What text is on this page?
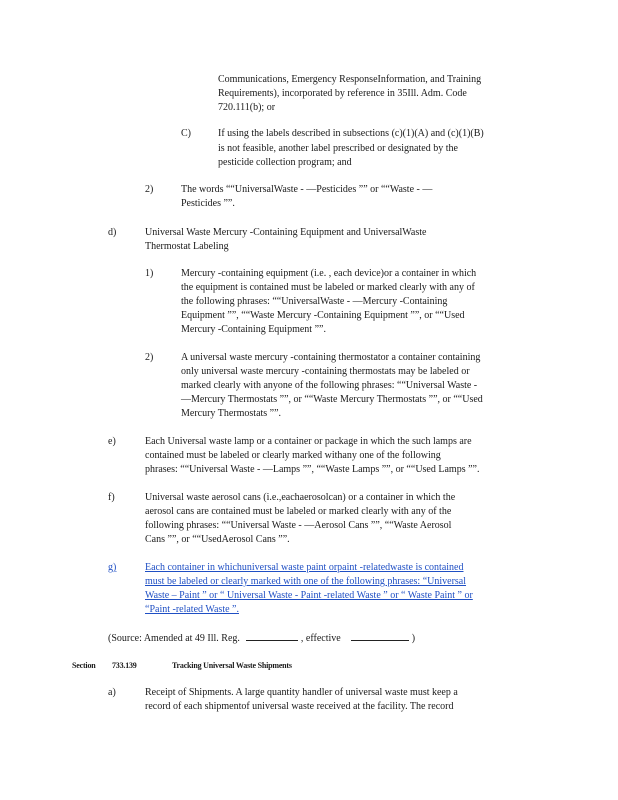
Communications, Emergency ResponseInformation, and Training
Requirements), incorporated by reference in 35Ill. Adm. Code
720.111(b); or
C)	If using the labels described in subsections (c)(1)(A) and (c)(1)(B)
is not feasible, another label prescribed or designated by the
pesticide collection program; and
2)	The words ““UniversalWaste - —Pesticides ”” or ““Waste - —
Pesticides ””.
d)	Universal Waste Mercury -Containing Equipment and UniversalWaste
Thermostat Labeling
1)	Mercury -containing equipment (i.e. , each device)or a container in which
the equipment is contained must be labeled or marked clearly with any of
the following phrases: ““UniversalWaste - —Mercury -Containing
Equipment ””, ““Waste Mercury -Containing Equipment ””, or ““Used
Mercury -Containing Equipment ””.
2)	A universal waste mercury -containing thermostator a container containing
only universal waste mercury -containing thermostats may be labeled or
marked clearly with anyone of the following phrases: ““Universal Waste -
—Mercury Thermostats ””, or ““Waste Mercury Thermostats ””, or ““Used
Mercury Thermostats ””.
e)	Each Universal waste lamp or a container or package in which the such lamps are
contained must be labeled or clearly marked withany one of the following
phrases: ““Universal Waste - —Lamps ””, ““Waste Lamps ””, or ““Used Lamps ””.
f)	Universal waste aerosol cans (i.e.,eachaerosolcan) or a container in which the
aerosol cans are contained must be labeled or marked clearly with any of the
following phrases: ““Universal Waste - —Aerosol Cans ””, ““Waste Aerosol
Cans ””, or ““UsedAerosol Cans ””.
g)	Each container in whichuniversal waste paint orpaint -relatedwaste is contained
must be labeled or clearly marked with one of the following phrases: “Universal
Waste – Paint ” or “ Universal Waste - Paint -related Waste ” or “ Waste Paint ” or
“Paint -related Waste ”.
(Source: Amended at 49 Ill. Reg.	, effective	)
Section 733.139	Tracking Universal Waste Shipments
a)	Receipt of Shipments. A large quantity handler of universal waste must keep a
record of each shipmentof universal waste received at the facility. The record
